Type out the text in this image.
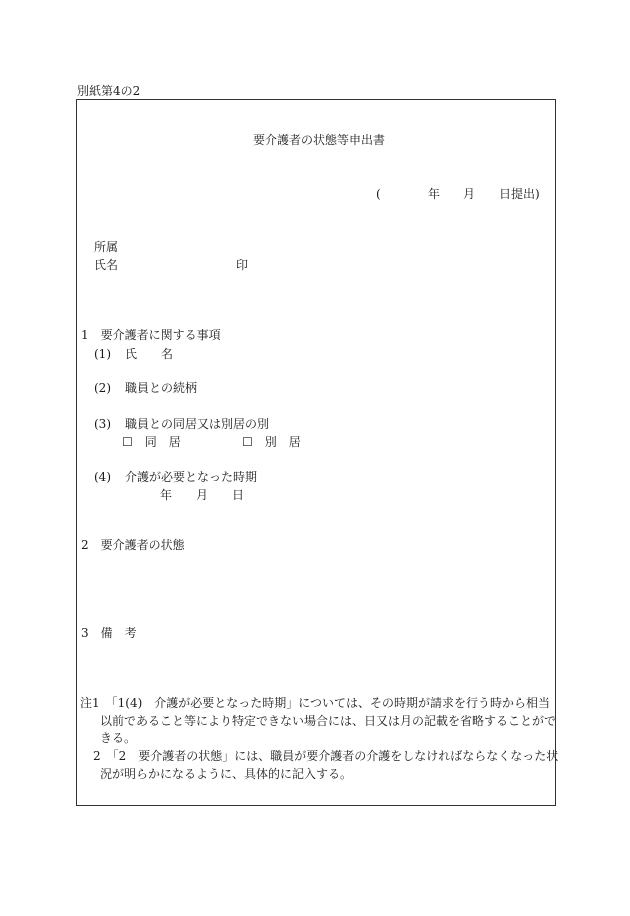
別紙第4の2
要介護者の状態等申出書
(	年 月 日提出)
所属
氏名	印
1　要介護者に関する事項
(1) 氏　　名
(2) 職員との続柄
(3) 職員との同居又は別居の別
☐　同　居	☐　別　居
(4) 介護が必要となった時期
年 月 日
2　要介護者の状態
3　備　考
注1　「1(4)　介護が必要となった時期」については、その時期が請求を行う時から相当
以前であること等により特定できない場合には、日又は月の記載を省略することがで
きる。
2　「2　要介護者の状態」には、職員が要介護者の介護をしなければならなくなった状
況が明らかになるように、具体的に記入する。
